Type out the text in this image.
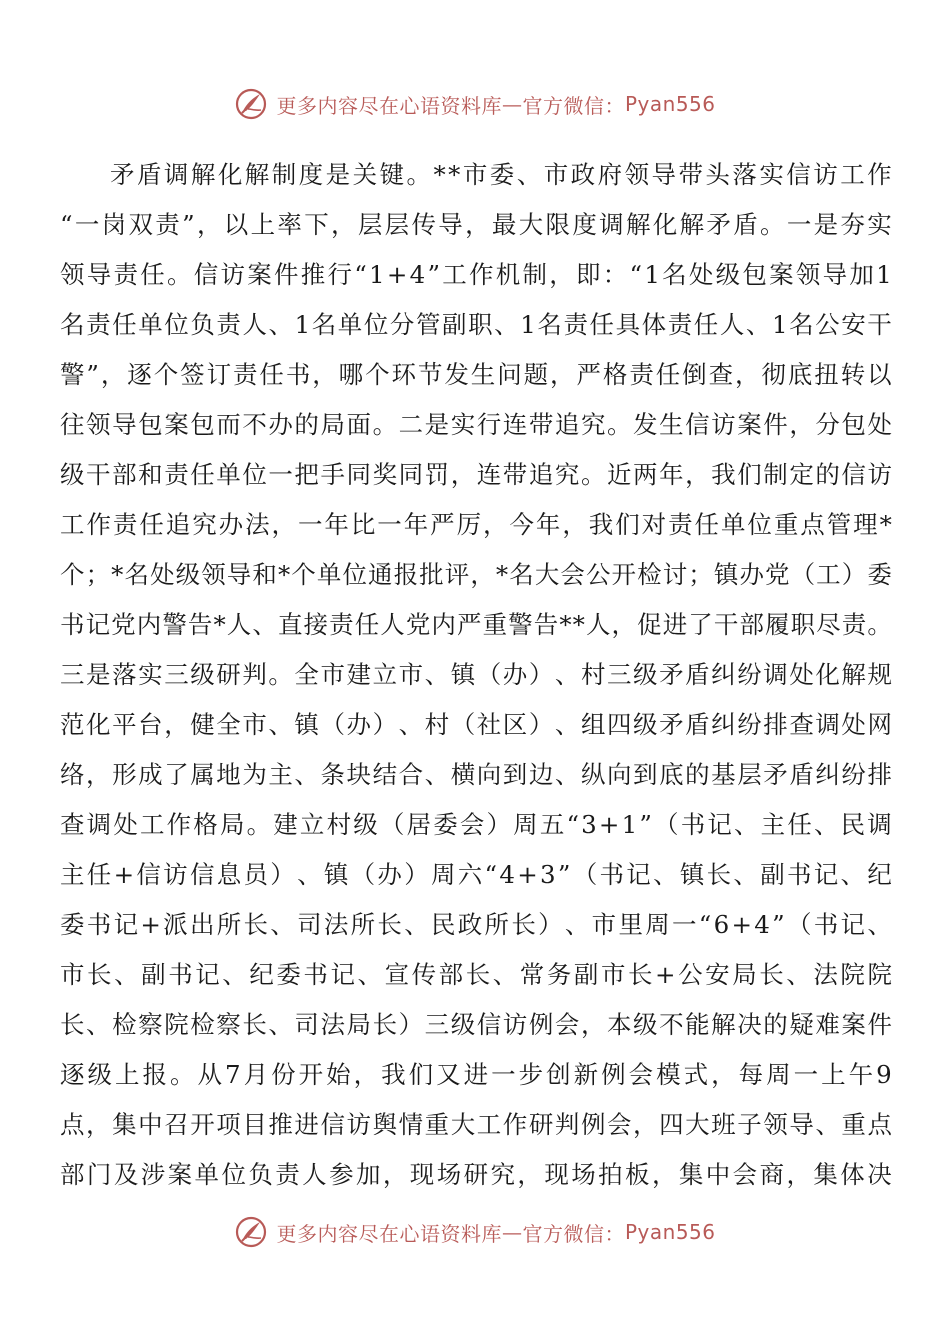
更多内容尽在心语资料库 — 官方微信： Pyan556
矛 盾 调 解 化 解 制 度 是 关 键 。 * * 市 委 、 市 政 府 领 导 带 头 落 实 信 访 工 作
“ 一 岗 双 责 ” ， 以 上 率 下 ， 层 层 传 导 ， 最 大 限 度 调 解 化 解 矛 盾 。 一 是 夯 实
领 导 责 任 。 信 访 案 件 推 行 “ 1 + 4 ” 工 作 机 制 ， 即 ： “ 1 名 处 级 包 案 领 导 加 1
名 责 任 单 位 负 责 人 、 1 名 单 位 分 管 副 职 、 1 名 责 任 具 体 责 任 人 、 1 名 公 安 干
警 ” ， 逐 个 签 订 责 任 书 ， 哪 个 环 节 发 生 问 题 ， 严 格 责 任 倒 查 ， 彻 底 扭 转 以
往 领 导 包 案 包 而 不 办 的 局 面 。 二 是 实 行 连 带 追 究 。 发 生 信 访 案 件 ， 分 包 处
级 干 部 和 责 任 单 位 一 把 手 同 奖 同 罚 ， 连 带 追 究 。 近 两 年 ， 我 们 制 定 的 信 访
工 作 责 任 追 究 办 法 ， 一 年 比 一 年 严 厉 ， 今 年 ， 我 们 对 责 任 单 位 重 点 管 理 *
个 ； * 名 处 级 领 导 和 * 个 单 位 通 报 批 评 ， * 名 大 会 公 开 检 讨 ； 镇 办 党 （ 工 ） 委
书 记 党 内 警 告 * 人 、 直 接 责 任 人 党 内 严 重 警 告 * * 人 ， 促 进 了 干 部 履 职 尽 责 。
三 是 落 实 三 级 研 判 。 全 市 建 立 市 、 镇 （ 办 ） 、 村 三 级 矛 盾 纠 纷 调 处 化 解 规
范 化 平 台 ， 健 全 市 、 镇 （ 办 ） 、 村 （ 社 区 ） 、 组 四 级 矛 盾 纠 纷 排 查 调 处 网
络 ， 形 成 了 属 地 为 主 、 条 块 结 合 、 横 向 到 边 、 纵 向 到 底 的 基 层 矛 盾 纠 纷 排
查 调 处 工 作 格 局 。 建 立 村 级 （ 居 委 会 ） 周 五 “ 3 + 1 ” （ 书 记 、 主 任 、 民 调
主 任 + 信 访 信 息 员 ） 、 镇 （ 办 ） 周 六 “ 4 + 3 ” （ 书 记 、 镇 长 、 副 书 记 、 纪
委 书 记 + 派 出 所 长 、 司 法 所 长 、 民 政 所 长 ） 、 市 里 周 一 “ 6 + 4 ” （ 书 记 、
市 长 、 副 书 记 、 纪 委 书 记 、 宣 传 部 长 、 常 务 副 市 长 + 公 安 局 长 、 法 院 院
长 、 检 察 院 检 察 长 、 司 法 局 长 ） 三 级 信 访 例 会 ， 本 级 不 能 解 决 的 疑 难 案 件
逐 级 上 报 。 从 7 月 份 开 始 ， 我 们 又 进 一 步 创 新 例 会 模 式 ， 每 周 一 上 午 9
点 ， 集 中 召 开 项 目 推 进 信 访 舆 情 重 大 工 作 研 判 例 会 ， 四 大 班 子 领 导 、 重 点
部 门 及 涉 案 单 位 负 责 人 参 加 ， 现 场 研 究 ， 现 场 拍 板 ， 集 中 会 商 ， 集 体 决
更多内容尽在心语资料库 — 官方微信： Pyan556
